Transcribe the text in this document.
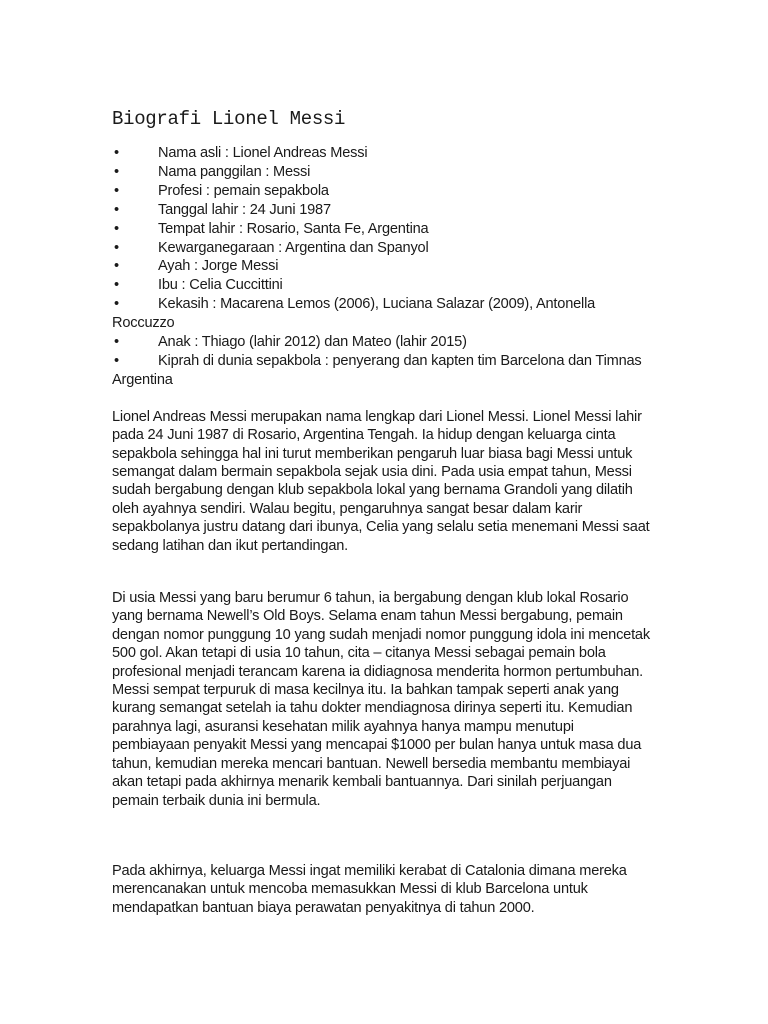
Biografi Lionel Messi
•	Nama asli : Lionel Andreas Messi
•	Nama panggilan : Messi
•	Profesi : pemain sepakbola
•	Tanggal lahir : 24 Juni 1987
•	Tempat lahir : Rosario, Santa Fe, Argentina
•	Kewarganegaraan : Argentina dan Spanyol
•	Ayah : Jorge Messi
•	Ibu : Celia Cuccittini
•	Kekasih : Macarena Lemos (2006), Luciana Salazar (2009), Antonella Roccuzzo
•	Anak : Thiago (lahir 2012) dan Mateo (lahir 2015)
•	Kiprah di dunia sepakbola : penyerang dan kapten tim Barcelona dan Timnas Argentina

Lionel Andreas Messi merupakan nama lengkap dari Lionel Messi. Lionel Messi lahir pada 24 Juni 1987 di Rosario, Argentina Tengah. Ia hidup dengan keluarga cinta sepakbola sehingga hal ini turut memberikan pengaruh luar biasa bagi Messi untuk semangat dalam bermain sepakbola sejak usia dini. Pada usia empat tahun, Messi sudah bergabung dengan klub sepakbola lokal yang bernama Grandoli yang dilatih oleh ayahnya sendiri. Walau begitu, pengaruhnya sangat besar dalam karir sepakbolanya justru datang dari ibunya, Celia yang selalu setia menemani Messi saat sedang latihan dan ikut pertandingan.

Di usia Messi yang baru berumur 6 tahun, ia bergabung dengan klub lokal Rosario yang bernama Newell’s Old Boys. Selama enam tahun Messi bergabung, pemain dengan nomor punggung 10 yang sudah menjadi nomor punggung idola ini mencetak 500 gol. Akan tetapi di usia 10 tahun, cita – citanya Messi sebagai pemain bola profesional menjadi terancam karena ia didiagnosa menderita hormon pertumbuhan. Messi sempat terpuruk di masa kecilnya itu. Ia bahkan tampak seperti anak yang kurang semangat setelah ia tahu dokter mendiagnosa dirinya seperti itu. Kemudian parahnya lagi, asuransi kesehatan milik ayahnya hanya mampu menutupi pembiayaan penyakit Messi yang mencapai $1000 per bulan hanya untuk masa dua tahun, kemudian mereka mencari bantuan. Newell bersedia membantu membiayai akan tetapi pada akhirnya menarik kembali bantuannya. Dari sinilah perjuangan pemain terbaik dunia ini bermula.

Pada akhirnya, keluarga Messi ingat memiliki kerabat di Catalonia dimana mereka merencanakan untuk mencoba memasukkan Messi di klub Barcelona untuk mendapatkan bantuan biaya perawatan penyakitnya di tahun 2000.
